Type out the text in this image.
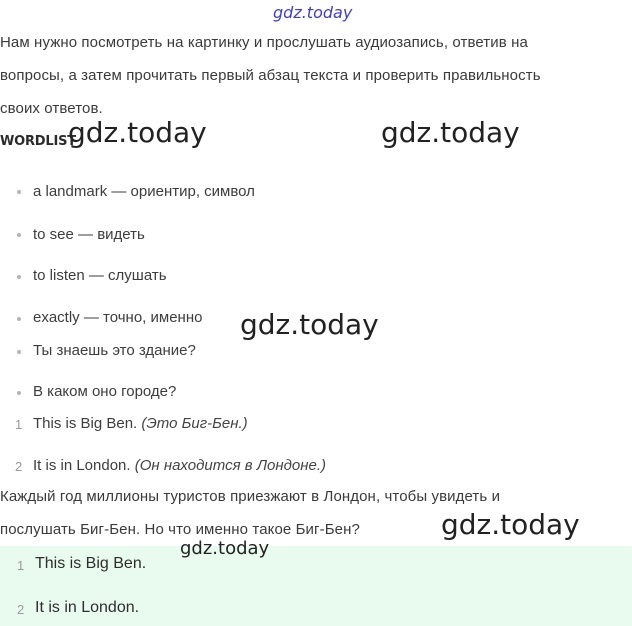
gdz.today
Нам нужно посмотреть на картинку и прослушать аудиозапись, ответив на
вопросы, а затем прочитать первый абзац текста и проверить правильность
своих ответов.
WORDLIST
gdz.today	gdz.today
a landmark — ориентир, символ
to see — видеть
to listen — слушать
exactly — точно, именно
Ты знаешь это здание?
В каком оно городе?
gdz.today
1 This is Big Ben. (Это Биг-Бен.)
2 It is in London. (Он находится в Лондоне.)
Каждый год миллионы туристов приезжают в Лондон, чтобы увидеть и
послушать Биг-Бен. Но что именно такое Биг-Бен?	gdz.today
1 This is Big Ben.
2 It is in London.
gdz.today
